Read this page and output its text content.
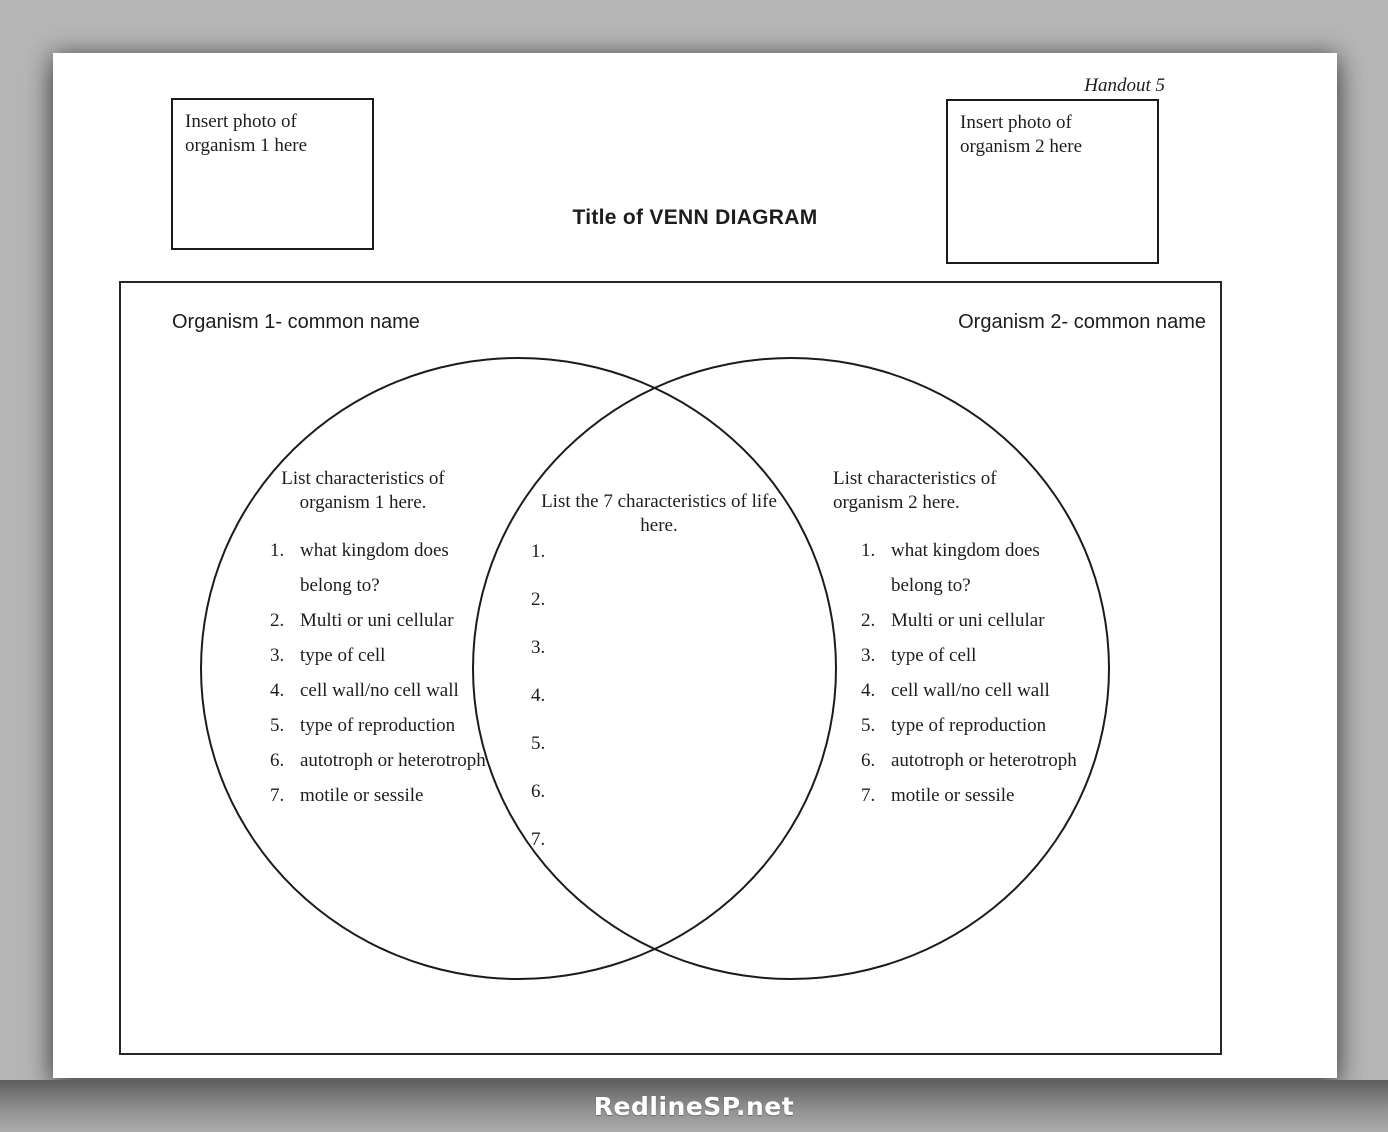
Handout 5
Insert photo of organism 1 here
Insert photo of organism 2 here
Title of VENN DIAGRAM
Organism 1- common name	Organism 2- common name
List characteristics of
organism 1 here.	List the 7 characteristics of life
here.
List characteristics of
organism 2 here.
1. what kingdom does belong to?
2. Multi or uni cellular
3. type of cell
4. cell wall/no cell wall
5. type of reproduction
6. autotroph or heterotroph
7. motile or sessile
1.
2.
3.
4.
5.
6.
7.
1. what kingdom does belong to?
2. Multi or uni cellular
3. type of cell
4. cell wall/no cell wall
5. type of reproduction
6. autotroph or heterotroph
7. motile or sessile
RedlineSP.net
